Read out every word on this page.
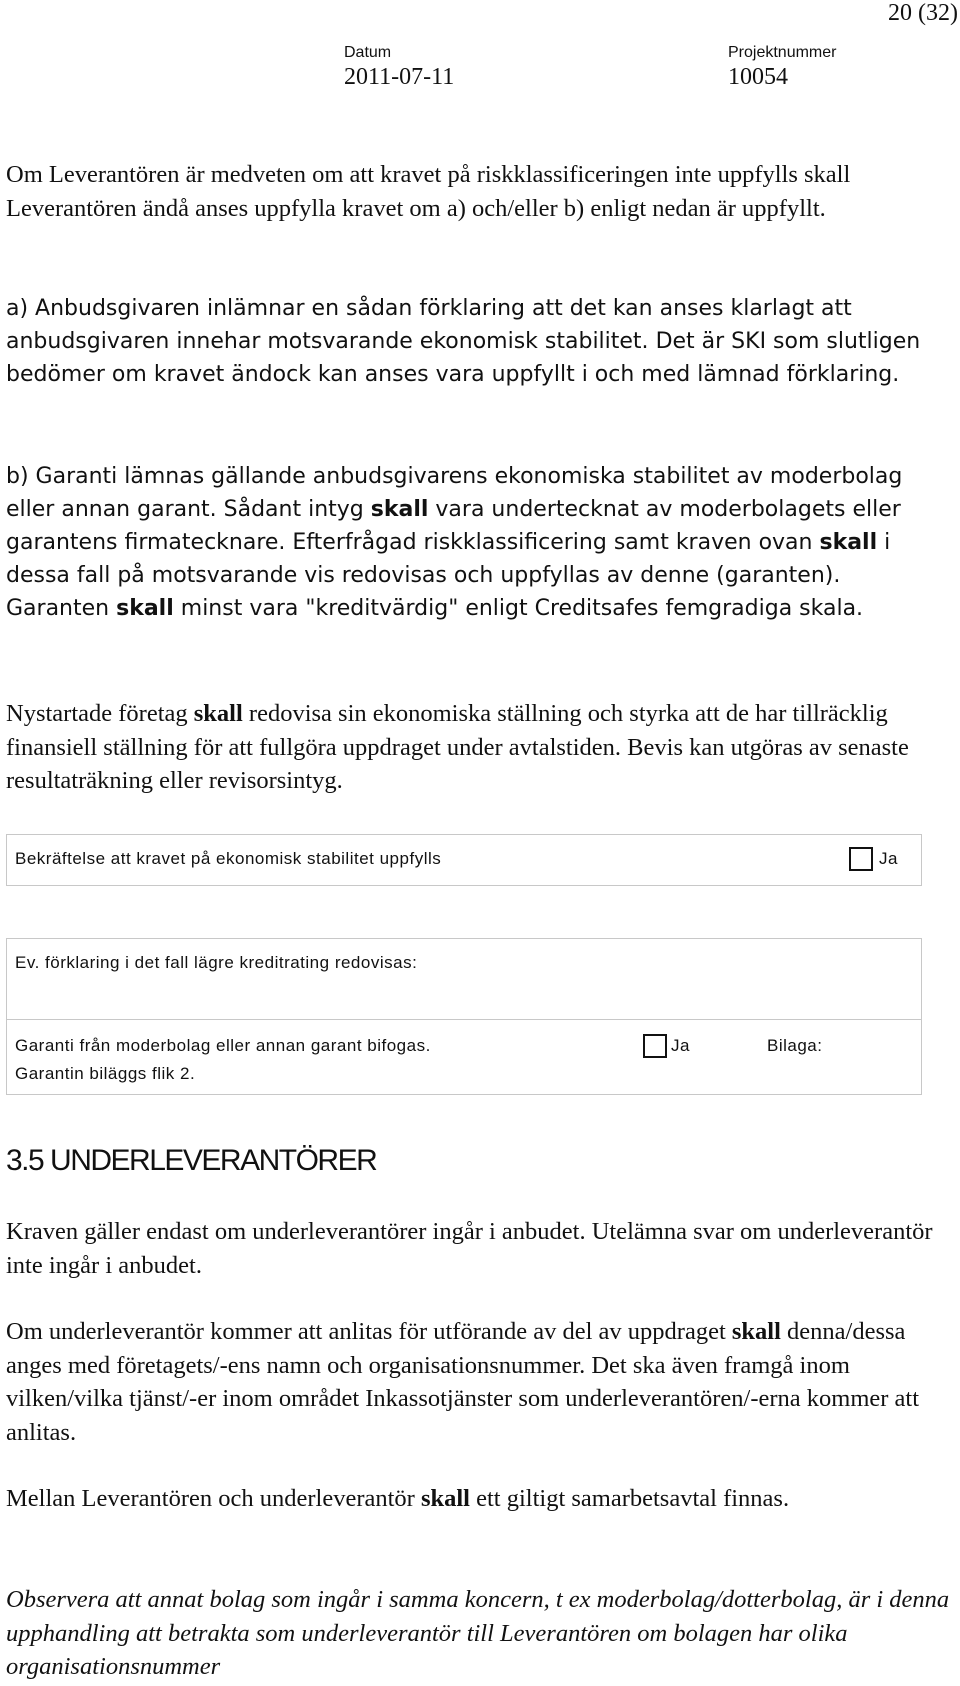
20 (32)
Datum
2011-07-11
Projektnummer
10054

Om Leverantören är medveten om att kravet på riskklassificeringen inte uppfylls skall Leverantören ändå anses uppfylla kravet om a) och/eller b) enligt nedan är uppfyllt.

a) Anbudsgivaren inlämnar en sådan förklaring att det kan anses klarlagt att anbudsgivaren innehar motsvarande ekonomisk stabilitet. Det är SKI som slutligen bedömer om kravet ändock kan anses vara uppfyllt i och med lämnad förklaring.

b) Garanti lämnas gällande anbudsgivarens ekonomiska stabilitet av moderbolag eller annan garant. Sådant intyg skall vara undertecknat av moderbolagets eller garantens firmatecknare. Efterfrågad riskklassificering samt kraven ovan skall i dessa fall på motsvarande vis redovisas och uppfyllas av denne (garanten). Garanten skall minst vara "kreditvärdig" enligt Creditsafes femgradiga skala.

Nystartade företag skall redovisa sin ekonomiska ställning och styrka att de har tillräcklig finansiell ställning för att fullgöra uppdraget under avtalstiden. Bevis kan utgöras av senaste resultaträkning eller revisorsintyg.

Bekräftelse att kravet på ekonomisk stabilitet uppfylls	Ja
Ev. förklaring i det fall lägre kreditrating redovisas:
Garanti från moderbolag eller annan garant bifogas.	Ja	Bilaga:
Garantin biläggs flik 2.
3.5 UNDERLEVERANTÖRER

Kraven gäller endast om underleverantörer ingår i anbudet. Utelämna svar om underleverantör inte ingår i anbudet.

Om underleverantör kommer att anlitas för utförande av del av uppdraget skall denna/dessa anges med företagets/-ens namn och organisationsnummer. Det ska även framgå inom vilken/vilka tjänst/-er inom området Inkassotjänster som underleverantören/-erna kommer att anlitas.

Mellan Leverantören och underleverantör skall ett giltigt samarbetsavtal finnas.

Observera att annat bolag som ingår i samma koncern, t ex moderbolag/dotterbolag, är i denna upphandling att betrakta som underleverantör till Leverantören om bolagen har olika organisationsnummer
